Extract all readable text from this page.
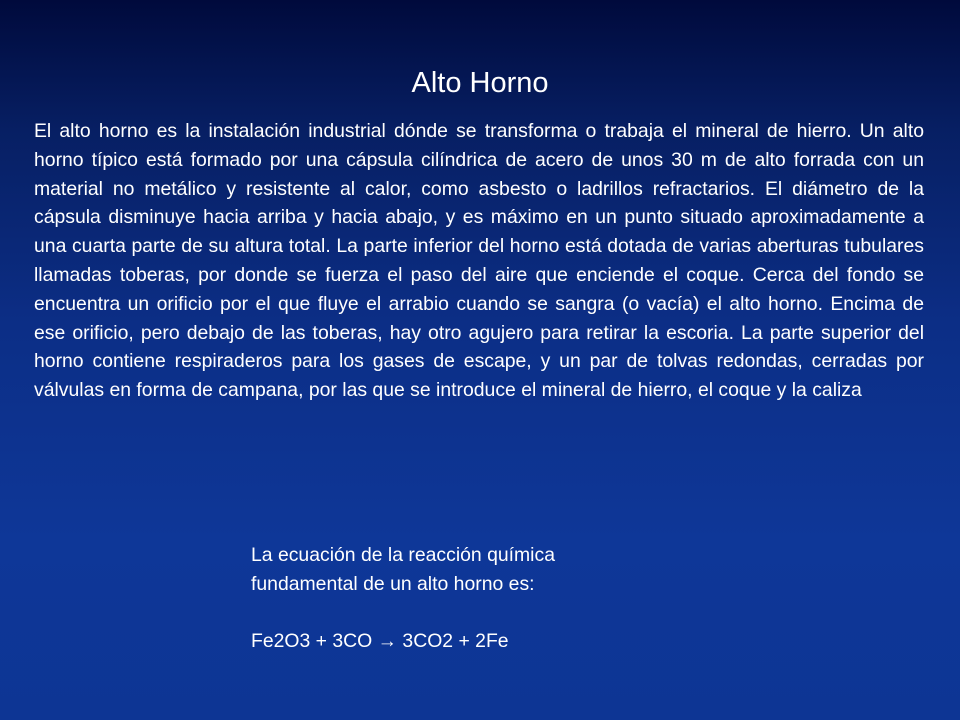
Alto Horno

El alto horno es la instalación industrial dónde se transforma o trabaja el mineral de hierro. Un alto horno típico está formado por una cápsula cilíndrica de acero de unos 30 m de alto forrada con un material no metálico y resistente al calor, como asbesto o ladrillos refractarios. El diámetro de la cápsula disminuye hacia arriba y hacia abajo, y es máximo en un punto situado aproximadamente a una cuarta parte de su altura total. La parte inferior del horno está dotada de varias aberturas tubulares llamadas toberas, por donde se fuerza el paso del aire que enciende el coque. Cerca del fondo se encuentra un orificio por el que fluye el arrabio cuando se sangra (o vacía) el alto horno. Encima de ese orificio, pero debajo de las toberas, hay otro agujero para retirar la escoria. La parte superior del horno contiene respiraderos para los gases de escape, y un par de tolvas redondas, cerradas por válvulas en forma de campana, por las que se introduce el mineral de hierro, el coque y la caliza

La ecuación de la reacción química fundamental de un alto horno es:

Fe2O3 + 3CO → 3CO2 + 2Fe
